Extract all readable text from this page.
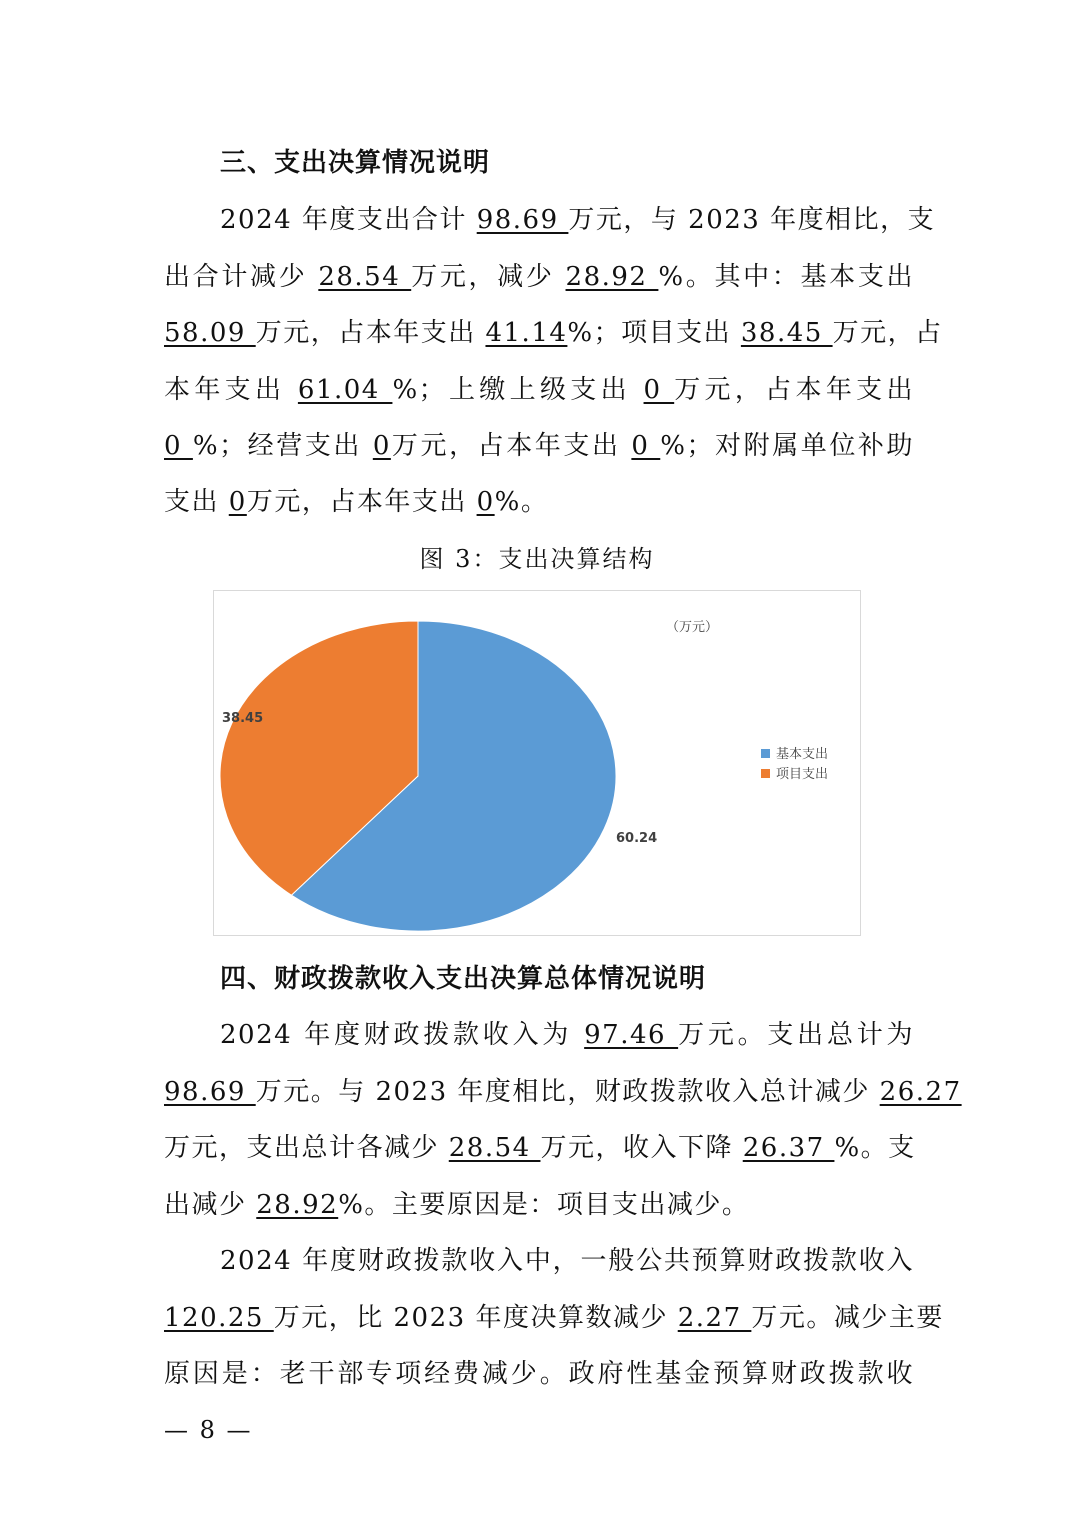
三、支出决算情况说明
2024 年度支出合计 98.69 万元，与 2023 年度相比，支
出合计减少 28.54 万元，减少 28.92 %。其中：基本支出
58.09 万元，占本年支出 41.14%；项目支出 38.45 万元，占
本年支出 61.04 %；上缴上级支出 0 万元，占本年支出
0 %；经营支出 0万元，占本年支出 0 %；对附属单位补助
支出 0万元，占本年支出 0%。
图 3：支出决算结构
60.24
38.45
（万元）
基本支出
项目支出
四、财政拨款收入支出决算总体情况说明
2024 年度财政拨款收入为 97.46 万元。支出总计为
98.69 万元。与 2023 年度相比，财政拨款收入总计减少 26.27
万元，支出总计各减少 28.54 万元，收入下降 26.37 %。支
出减少 28.92%。主要原因是：项目支出减少。
2024 年度财政拨款收入中，一般公共预算财政拨款收入
120.25 万元，比 2023 年度决算数减少 2.27 万元。减少主要
原因是：老干部专项经费减少。政府性基金预算财政拨款收
— 8 —
